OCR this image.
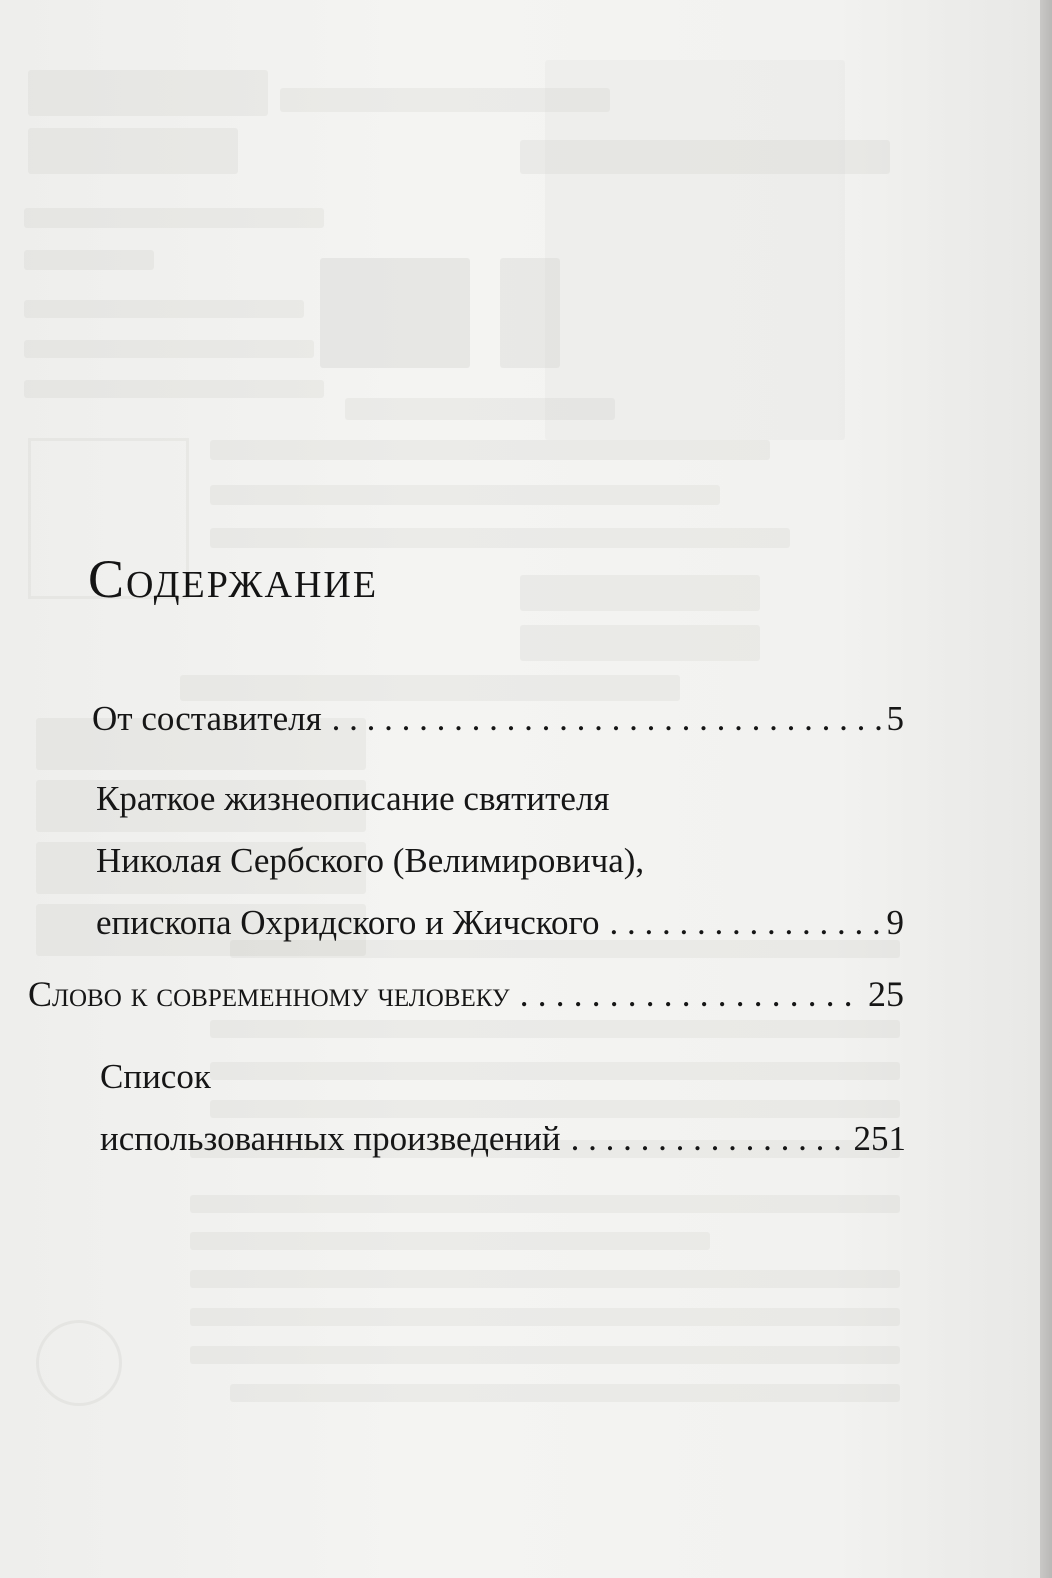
Содержание
От составителя . . .	5
Краткое жизнеописание святителя
Николая Сербского (Велимировича),
епископа Охридского и Жичского . . .	9
Слово к современному человеку . . .	25
Список
использованных произведений . . .	251
